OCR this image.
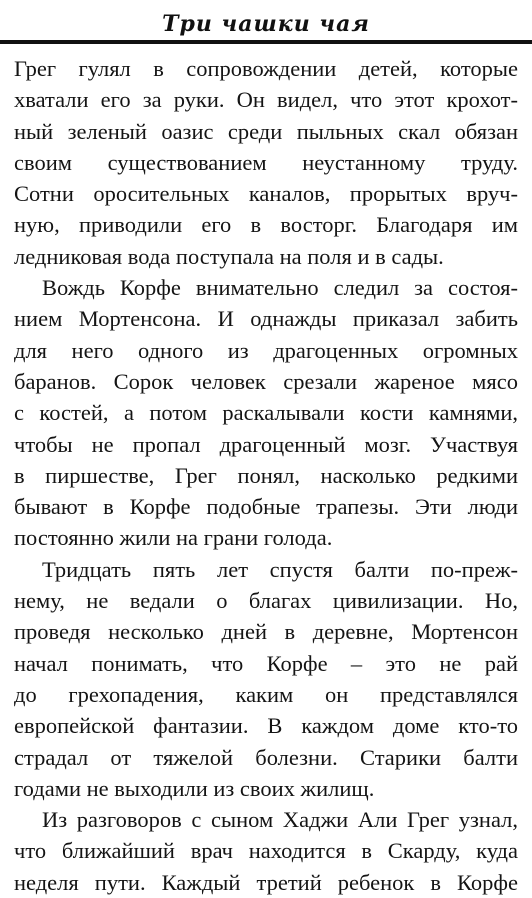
Три чашки чая
Грег гулял в сопровождении детей, которые
хватали его за руки. Он видел, что этот крохот-
ный зеленый оазис среди пыльных скал обязан
своим существованием неустанному труду.
Сотни оросительных каналов, прорытых вруч-
ную, приводили его в восторг. Благодаря им
ледниковая вода поступала на поля и в сады.
Вождь Корфе внимательно следил за состоя-
нием Мортенсона. И однажды приказал забить
для него одного из драгоценных огромных
баранов. Сорок человек срезали жареное мясо
с костей, а потом раскалывали кости камнями,
чтобы не пропал драгоценный мозг. Участвуя
в пиршестве, Грег понял, насколько редкими
бывают в Корфе подобные трапезы. Эти люди
постоянно жили на грани голода.
Тридцать пять лет спустя балти по-преж-
нему, не ведали о благах цивилизации. Но,
проведя несколько дней в деревне, Мортенсон
начал понимать, что Корфе – это не рай
до грехопадения, каким он представлялся
европейской фантазии. В каждом доме кто-то
страдал от тяжелой болезни. Старики балти
годами не выходили из своих жилищ.
Из разговоров с сыном Хаджи Али Грег узнал,
что ближайший врач находится в Скарду, куда
неделя пути. Каждый третий ребенок в Корфе
